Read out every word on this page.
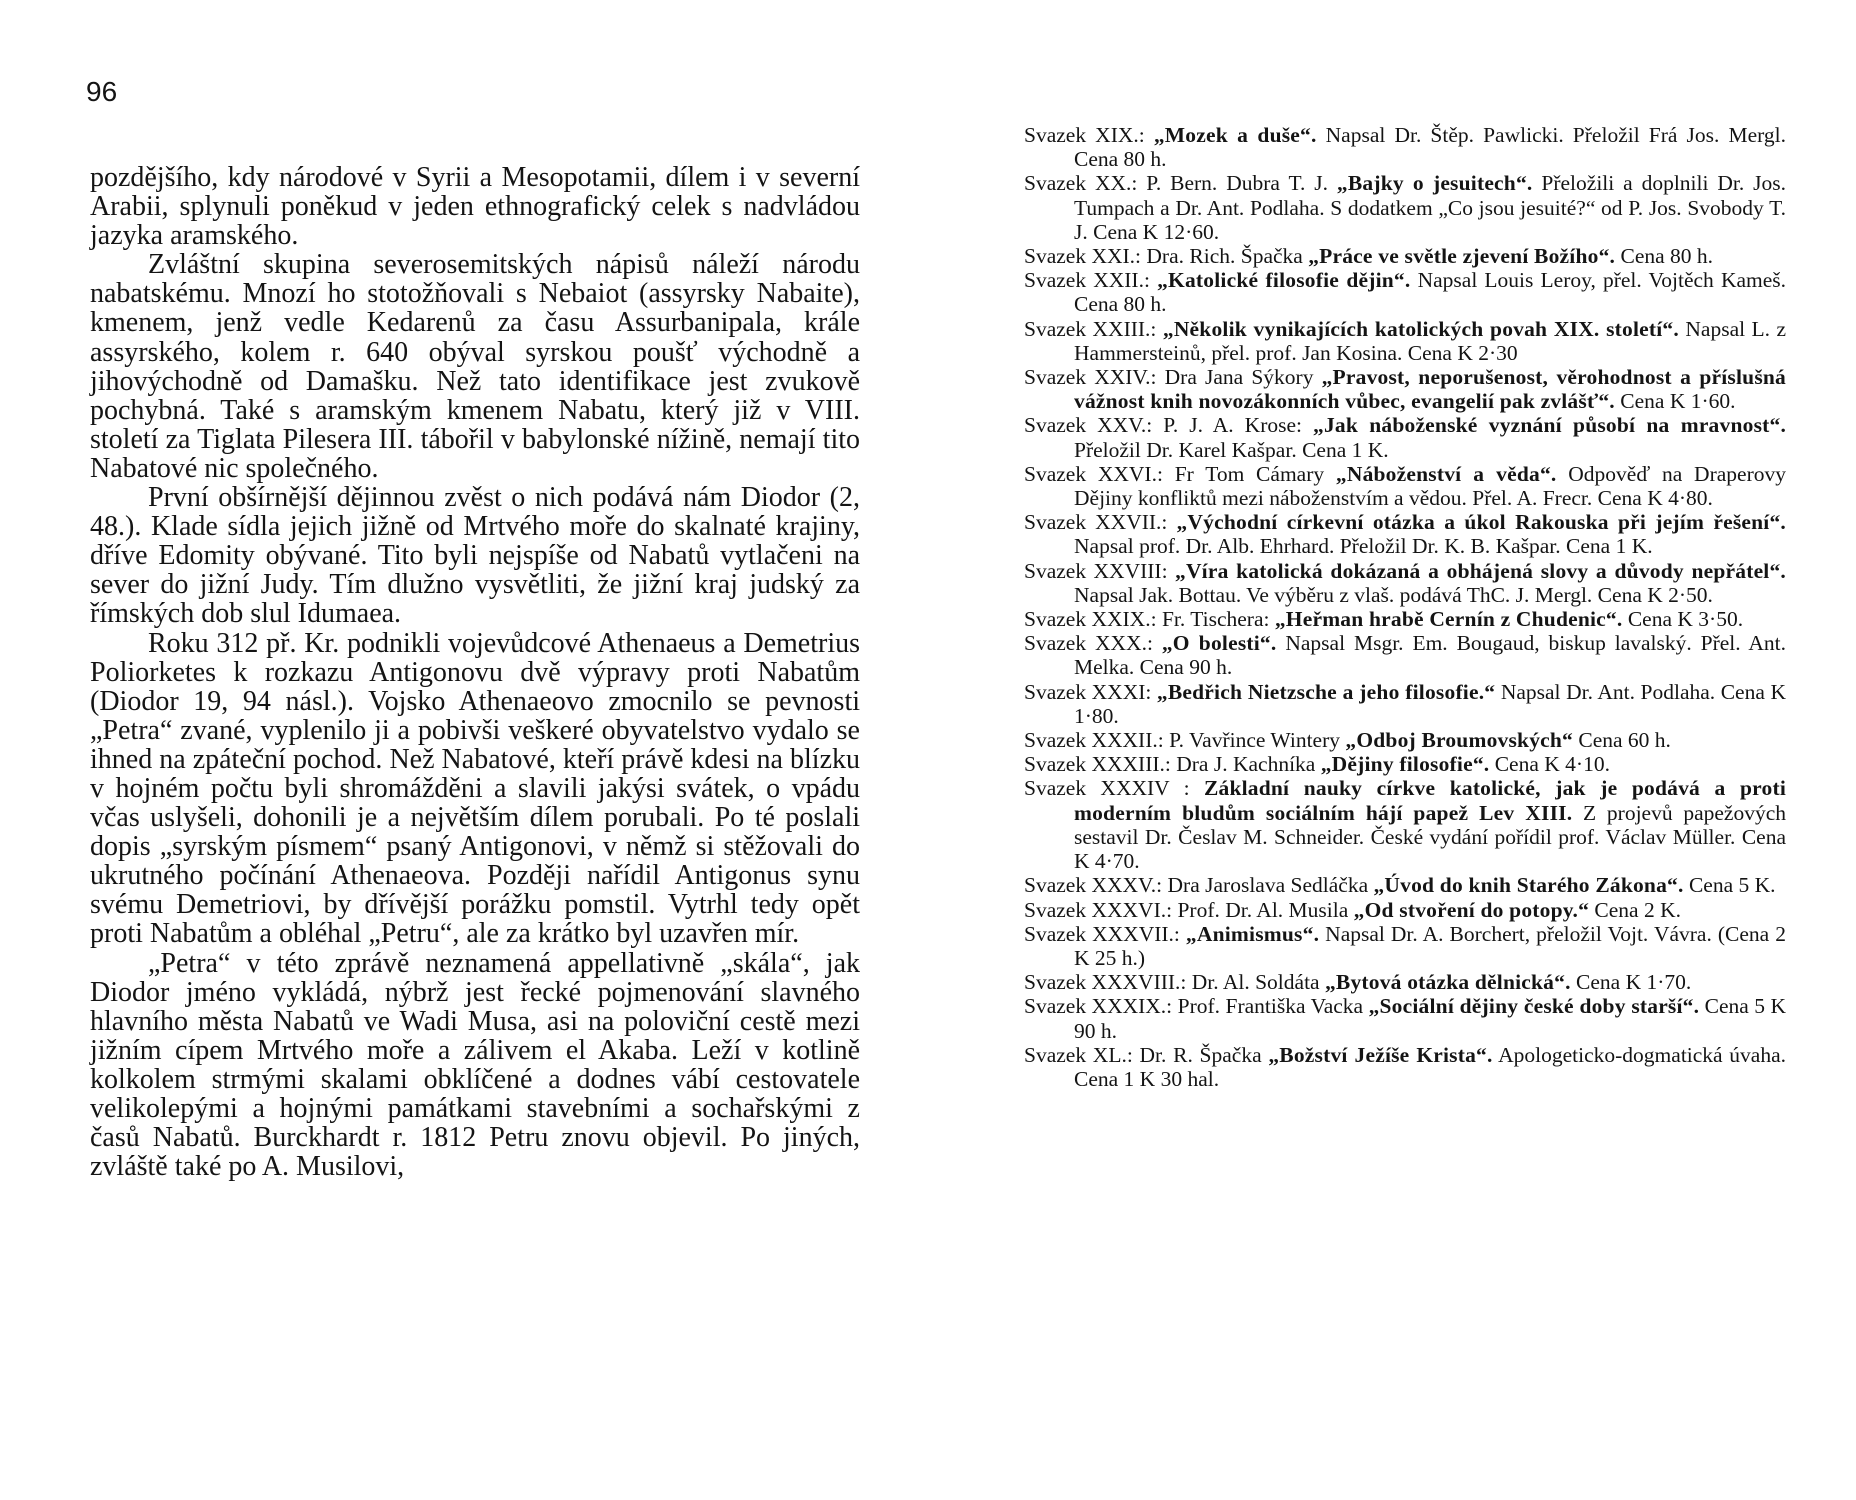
96

pozdějšího, kdy národové v Syrii a Mesopotamii, dílem i v severní Arabii, splynuli poněkud v jeden ethnografický celek s nadvládou jazyka aramského.

Zvláštní skupina severosemitských nápisů náleží národu nabatskému. Mnozí ho stotožňovali s Nebaiot (assyrsky Nabaite), kmenem, jenž vedle Kedarenů za času Assurbanipala, krále assyrského, kolem r. 640 obýval syrskou poušť východně a jihovýchodně od Damašku. Než tato identifikace jest zvukově pochybná. Také s aramským kmenem Nabatu, který již v VIII. století za Tiglata Pilesera III. tábořil v babylonské nížině, nemají tito Nabatové nic společného.

První obšírnější dějinnou zvěst o nich podává nám Diodor (2, 48.). Klade sídla jejich jižně od Mrtvého moře do skalnaté krajiny, dříve Edomity obývané. Tito byli nejspíše od Nabatů vytlačeni na sever do jižní Judy. Tím dlužno vysvětliti, že jižní kraj judský za římských dob slul Idumaea.

Roku 312 př. Kr. podnikli vojevůdcové Athenaeus a Demetrius Poliorketes k rozkazu Antigonovu dvě výpravy proti Nabatům (Diodor 19, 94 násl.). Vojsko Athenaeovo zmocnilo se pevnosti „Petra“ zvané, vyplenilo ji a pobivši veškeré obyvatelstvo vydalo se ihned na zpáteční pochod. Než Nabatové, kteří právě kdesi na blízku v hojném počtu byli shromážděni a slavili jakýsi svátek, o vpádu včas uslyšeli, dohonili je a největším dílem porubali. Po té poslali dopis „syrským písmem“ psaný Antigonovi, v němž si stěžovali do ukrutného počínání Athenaeova. Později nařídil Antigonus synu svému Demetriovi, by dřívější porážku pomstil. Vytrhl tedy opět proti Nabatům a obléhal „Petru“, ale za krátko byl uzavřen mír.

„Petra“ v této zprávě neznamená appellativně „skála“, jak Diodor jméno vykládá, nýbrž jest řecké pojmenování slavného hlavního města Nabatů ve Wadi Musa, asi na poloviční cestě mezi jižním cípem Mrtvého moře a zálivem el Akaba. Leží v kotlině kolkolem strmými skalami obklíčené a dodnes vábí cestovatele velikolepými a hojnými památkami stavebními a sochařskými z časů Nabatů. Burckhardt r. 1812 Petru znovu objevil. Po jiných, zvláště také po A. Musilovi,

Svazek XIX.: „Mozek a duše“. Napsal Dr. Štěp. Pawlicki. Přeložil Frá Jos. Mergl. Cena 80 h.

Svazek XX.: P. Bern. Dubra T. J. „Bajky o jesuitech“. Přeložili a doplnili Dr. Jos. Tumpach a Dr. Ant. Podlaha. S dodatkem „Co jsou jesuité?“ od P. Jos. Svobody T. J. Cena K 12·60.

Svazek XXI.: Dra. Rich. Špačka „Práce ve světle zjevení Božího“. Cena 80 h.

Svazek XXII.: „Katolické filosofie dějin“. Napsal Louis Leroy, přel. Vojtěch Kameš. Cena 80 h.

Svazek XXIII.: „Několik vynikajících katolických povah XIX. století“. Napsal L. z Hammersteinů, přel. prof. Jan Kosina. Cena K 2·30

Svazek XXIV.: Dra Jana Sýkory „Pravost, neporušenost, věrohodnost a příslušná vážnost knih novozákonních vůbec, evangelií pak zvlášť“. Cena K 1·60.

Svazek XXV.: P. J. A. Krose: „Jak náboženské vyznání působí na mravnost“. Přeložil Dr. Karel Kašpar. Cena 1 K.

Svazek XXVI.: Fr Tom Cámary „Náboženství a věda“. Odpověď na Draperovy Dějiny konfliktů mezi náboženstvím a vědou. Přel. A. Frecr. Cena K 4·80.

Svazek XXVII.: „Východní církevní otázka a úkol Rakouska při jejím řešení“. Napsal prof. Dr. Alb. Ehrhard. Přeložil Dr. K. B. Kašpar. Cena 1 K.

Svazek XXVIII: „Víra katolická dokázaná a obhájená slovy a důvody nepřátel“. Napsal Jak. Bottau. Ve výběru z vlaš. podává ThC. J. Mergl. Cena K 2·50.

Svazek XXIX.: Fr. Tischera: „Heřman hrabě Cernín z Chudenic“. Cena K 3·50.

Svazek XXX.: „O bolesti“. Napsal Msgr. Em. Bougaud, biskup lavalský. Přel. Ant. Melka. Cena 90 h.

Svazek XXXI: „Bedřich Nietzsche a jeho filosofie.“ Napsal Dr. Ant. Podlaha. Cena K 1·80.

Svazek XXXII.: P. Vavřince Wintery „Odboj Broumovských“ Cena 60 h.

Svazek XXXIII.: Dra J. Kachníka „Dějiny filosofie“. Cena K 4·10.

Svazek XXXIV : Základní nauky církve katolické, jak je podává a proti moderním bludům sociálním hájí papež Lev XIII. Z projevů papežových sestavil Dr. Česlav M. Schneider. České vydání pořídil prof. Václav Müller. Cena K 4·70.

Svazek XXXV.: Dra Jaroslava Sedláčka „Úvod do knih Starého Zákona“. Cena 5 K.

Svazek XXXVI.: Prof. Dr. Al. Musila „Od stvoření do potopy.“ Cena 2 K.

Svazek XXXVII.: „Animismus“. Napsal Dr. A. Borchert, přeložil Vojt. Vávra. (Cena 2 K 25 h.)

Svazek XXXVIII.: Dr. Al. Soldáta „Bytová otázka dělnická“. Cena K 1·70.

Svazek XXXIX.: Prof. Františka Vacka „Sociální dějiny české doby starší“. Cena 5 K 90 h.

Svazek XL.: Dr. R. Špačka „Božství Ježíše Krista“. Apologeticko-dogmatická úvaha. Cena 1 K 30 hal.
